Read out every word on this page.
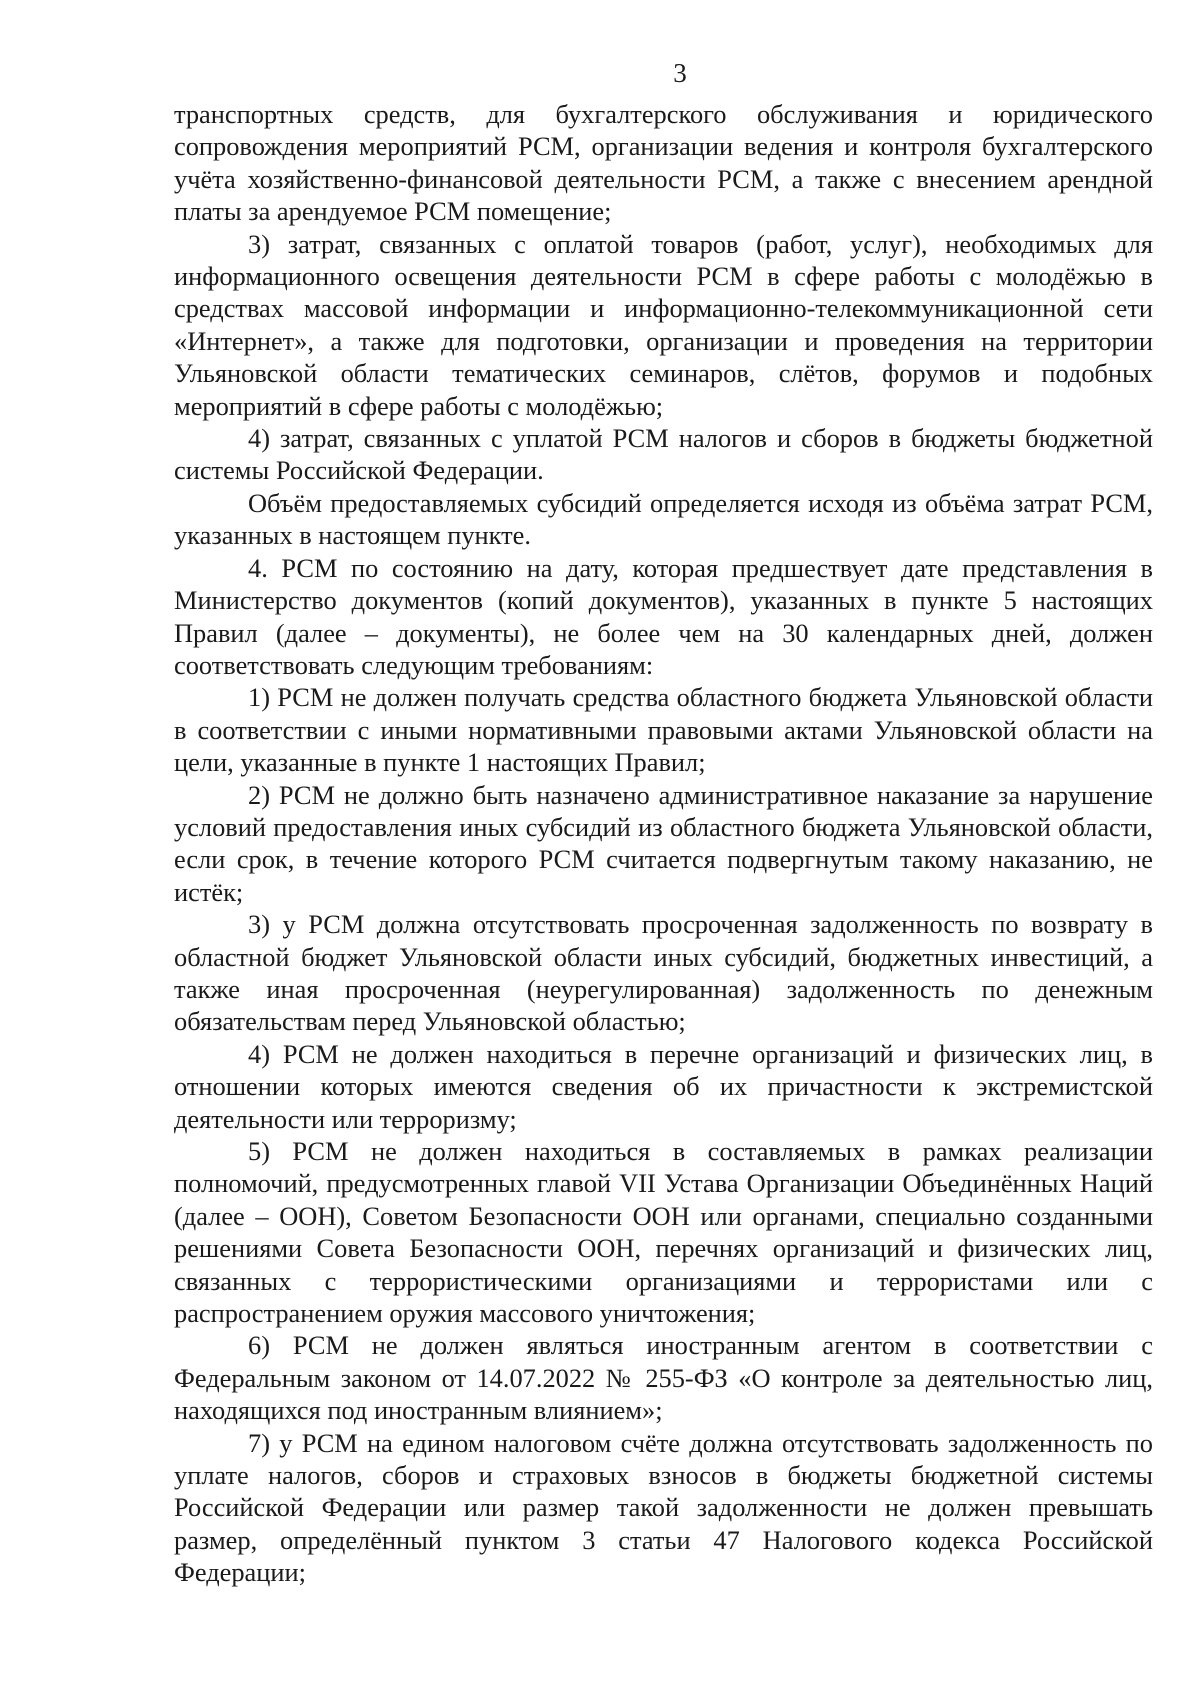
3

транспортных средств, для бухгалтерского обслуживания и юридического сопровождения мероприятий РСМ, организации ведения и контроля бухгалтерского учёта хозяйственно-финансовой деятельности РСМ, а также с внесением арендной платы за арендуемое РСМ помещение;

3) затрат, связанных с оплатой товаров (работ, услуг), необходимых для информационного освещения деятельности РСМ в сфере работы с молодёжью в средствах массовой информации и информационно-телекоммуникационной сети «Интернет», а также для подготовки, организации и проведения на территории Ульяновской области тематических семинаров, слётов, форумов и подобных мероприятий в сфере работы с молодёжью;

4) затрат, связанных с уплатой РСМ налогов и сборов в бюджеты бюджетной системы Российской Федерации.

Объём предоставляемых субсидий определяется исходя из объёма затрат РСМ, указанных в настоящем пункте.

4. РСМ по состоянию на дату, которая предшествует дате представления в Министерство документов (копий документов), указанных в пункте 5 настоящих Правил (далее – документы), не более чем на 30 календарных дней, должен соответствовать следующим требованиям:

1) РСМ не должен получать средства областного бюджета Ульяновской области в соответствии с иными нормативными правовыми актами Ульяновской области на цели, указанные в пункте 1 настоящих Правил;

2) РСМ не должно быть назначено административное наказание за нарушение условий предоставления иных субсидий из областного бюджета Ульяновской области, если срок, в течение которого РСМ считается подвергнутым такому наказанию, не истёк;

3) у РСМ должна отсутствовать просроченная задолженность по возврату в областной бюджет Ульяновской области иных субсидий, бюджетных инвестиций, а также иная просроченная (неурегулированная) задолженность по денежным обязательствам перед Ульяновской областью;

4) РСМ не должен находиться в перечне организаций и физических лиц, в отношении которых имеются сведения об их причастности к экстремистской деятельности или терроризму;

5) РСМ не должен находиться в составляемых в рамках реализации полномочий, предусмотренных главой VII Устава Организации Объединённых Наций (далее – ООН), Советом Безопасности ООН или органами, специально созданными решениями Совета Безопасности ООН, перечнях организаций и физических лиц, связанных с террористическими организациями и террористами или с распространением оружия массового уничтожения;

6) РСМ не должен являться иностранным агентом в соответствии с Федеральным законом от 14.07.2022 № 255-ФЗ «О контроле за деятельностью лиц, находящихся под иностранным влиянием»;

7) у РСМ на едином налоговом счёте должна отсутствовать задолженность по уплате налогов, сборов и страховых взносов в бюджеты бюджетной системы Российской Федерации или размер такой задолженности не должен превышать размер, определённый пунктом 3 статьи 47 Налогового кодекса Российской Федерации;
